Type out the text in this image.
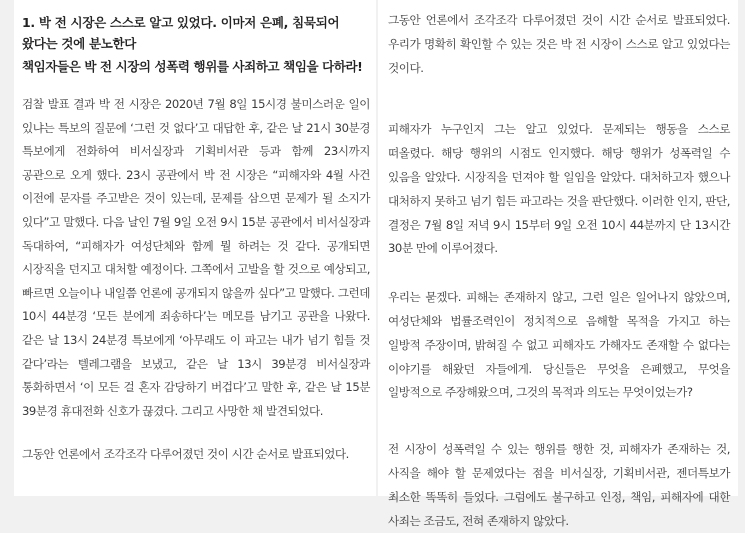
1. 박 전 시장은 스스로 알고 있었다. 이마저 은폐, 침묵되어 왔다는 것에 분노한다

책임자들은 박 전 시장의 성폭력 행위를 사죄하고 책임을 다하라!

검찰 발표 결과 박 전 시장은 2020년 7월 8일 15시경 불미스러운 일이 있냐는 특보의 질문에 ‘그런 것 없다’고 대답한 후, 같은 날 21시 30분경 특보에게 전화하여 비서실장과 기획비서관 등과 함께 23시까지 공관으로 오게 했다. 23시 공관에서 박 전 시장은 “피해자와 4월 사건 이전에 문자를 주고받은 것이 있는데, 문제를 삼으면 문제가 될 소지가 있다”고 말했다. 다음 날인 7월 9일 오전 9시 15분 공관에서 비서실장과 독대하여, “피해자가 여성단체와 함께 뭘 하려는 것 같다. 공개되면 시장직을 던지고 대처할 예정이다. 그쪽에서 고발을 할 것으로 예상되고, 빠르면 오늘이나 내일쯤 언론에 공개되지 않을까 싶다”고 말했다. 그런데 10시 44분경 ‘모든 분에게 죄송하다’는 메모를 남기고 공관을 나왔다. 같은 날 13시 24분경 특보에게 ‘아무래도 이 파고는 내가 넘기 힘들 것 같다’라는 텔레그램을 보냈고, 같은 날 13시 39분경 비서실장과 통화하면서 ‘이 모든 걸 혼자 감당하기 버겁다’고 말한 후, 같은 날 15분 39분경 휴대전화 신호가 끊겼다. 그리고 사망한 채 발견되었다.

그동안 언론에서 조각조각 다루어졌던 것이 시간 순서로 발표되었다.

그동안 언론에서 조각조각 다루어졌던 것이 시간 순서로 발표되었다. 우리가 명확히 확인할 수 있는 것은 박 전 시장이 스스로 알고 있었다는 것이다.

피해자가 누구인지 그는 알고 있었다. 문제되는 행동을 스스로 떠올렸다. 해당 행위의 시점도 인지했다. 해당 행위가 성폭력일 수 있음을 알았다. 시장직을 던져야 할 일임을 알았다. 대처하고자 했으나 대처하지 못하고 넘기 힘든 파고라는 것을 판단했다. 이러한 인지, 판단, 결정은 7월 8일 저녁 9시 15부터 9일 오전 10시 44분까지 단 13시간 30분 만에 이루어졌다.

우리는 묻겠다. 피해는 존재하지 않고, 그런 일은 일어나지 않았으며, 여성단체와 법률조력인이 정치적으로 음해할 목적을 가지고 하는 일방적 주장이며, 밝혀질 수 없고 피해자도 가해자도 존재할 수 없다는 이야기를 해왔던 자들에게. 당신들은 무엇을 은폐했고, 무엇을 일방적으로 주장해왔으며, 그것의 목적과 의도는 무엇이었는가?

전 시장이 성폭력일 수 있는 행위를 행한 것, 피해자가 존재하는 것, 사직을 해야 할 문제였다는 점을 비서실장, 기획비서관, 젠더특보가 최소한 똑똑히 들었다. 그럼에도 불구하고 인정, 책임, 피해자에 대한 사죄는 조금도, 전혀 존재하지 않았다.
